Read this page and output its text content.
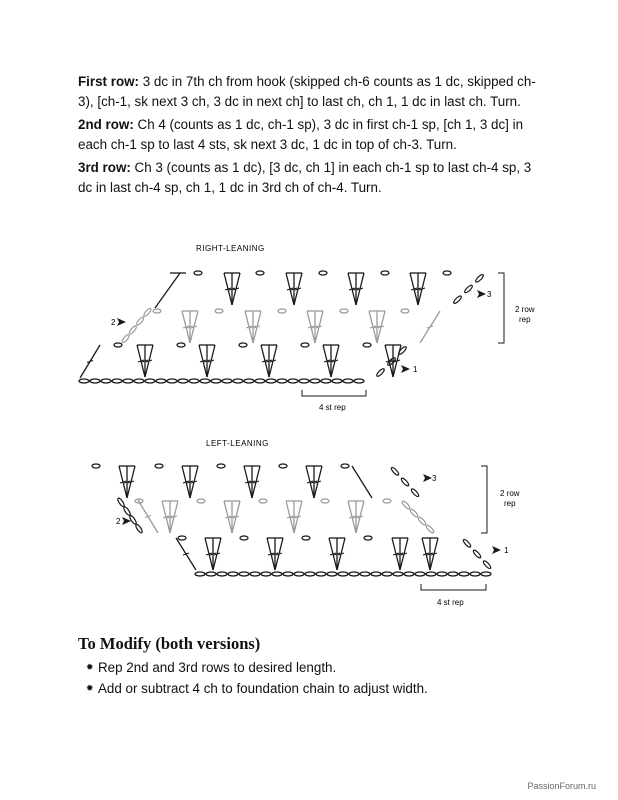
First row: 3 dc in 7th ch from hook (skipped ch-6 counts as 1 dc, skipped ch-3), [ch-1, sk next 3 ch, 3 dc in next ch] to last ch, ch 1, 1 dc in last ch. Turn.

2nd row: Ch 4 (counts as 1 dc, ch-1 sp), 3 dc in first ch-1 sp, [ch 1, 3 dc] in each ch-1 sp to last 4 sts, sk next 3 dc, 1 dc in top of ch-3. Turn.

3rd row: Ch 3 (counts as 1 dc), [3 dc, ch 1] in each ch-1 sp to last ch-4 sp, 3 dc in last ch-4 sp, ch 1, 1 dc in 3rd ch of ch-4. Turn.

RIGHT-LEANING
3
2
1
2 row
rep
4 st rep
LEFT-LEANING
3
2
1
2 row
rep
4 st rep
To Modify (both versions)
✹ Rep 2nd and 3rd rows to desired length.
✹ Add or subtract 4 ch to foundation chain to adjust width.
PassionForum.ru
